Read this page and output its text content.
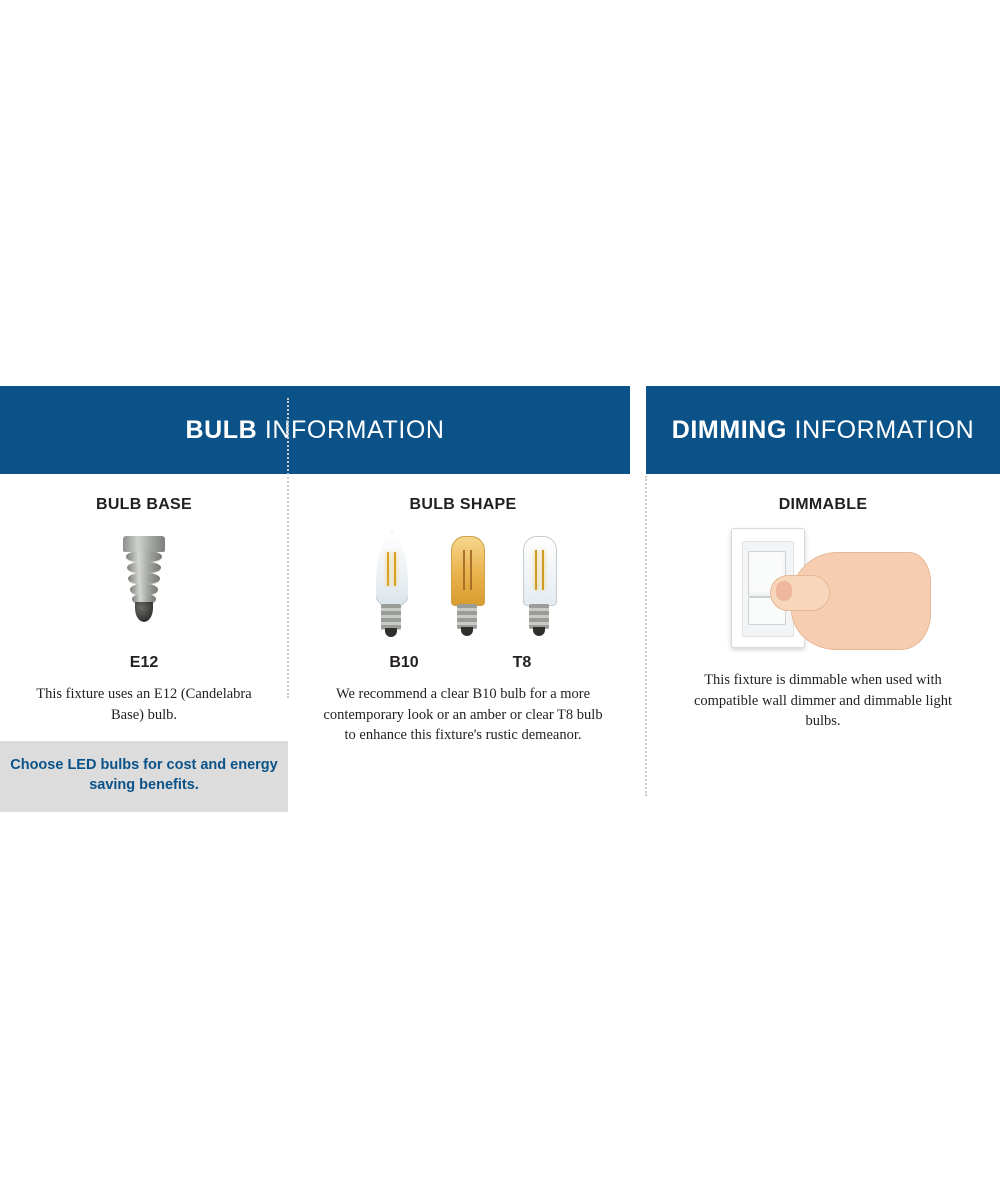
BULB INFORMATION	DIMMING INFORMATION
BULB BASE
E12
This fixture uses an E12 (Candelabra Base) bulb.
Choose LED bulbs for cost and energy saving benefits.
BULB SHAPE
B10	T8
We recommend a clear B10 bulb for a more contemporary look or an amber or clear T8 bulb to enhance this fixture's rustic demeanor.
DIMMABLE
This fixture is dimmable when used with compatible wall dimmer and dimmable light bulbs.
